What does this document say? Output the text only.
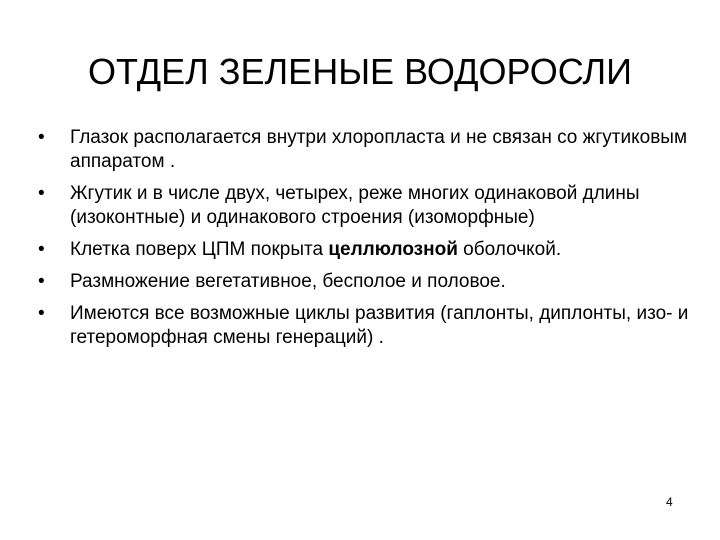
ОТДЕЛ ЗЕЛЕНЫЕ ВОДОРОСЛИ
• Глазок располагается внутри хлоропласта и не связан со жгутиковым аппаратом .
• Жгутик и в числе двух, четырех, реже многих одинаковой длины (изоконтные) и одинакового строения (изоморфные)
• Клетка поверх ЦПМ покрыта целлюлозной оболочкой.
• Размножение вегетативное, бесполое и половое.
• Имеются все возможные циклы развития (гаплонты, диплонты, изо- и гетероморфная смены генераций) .
4
